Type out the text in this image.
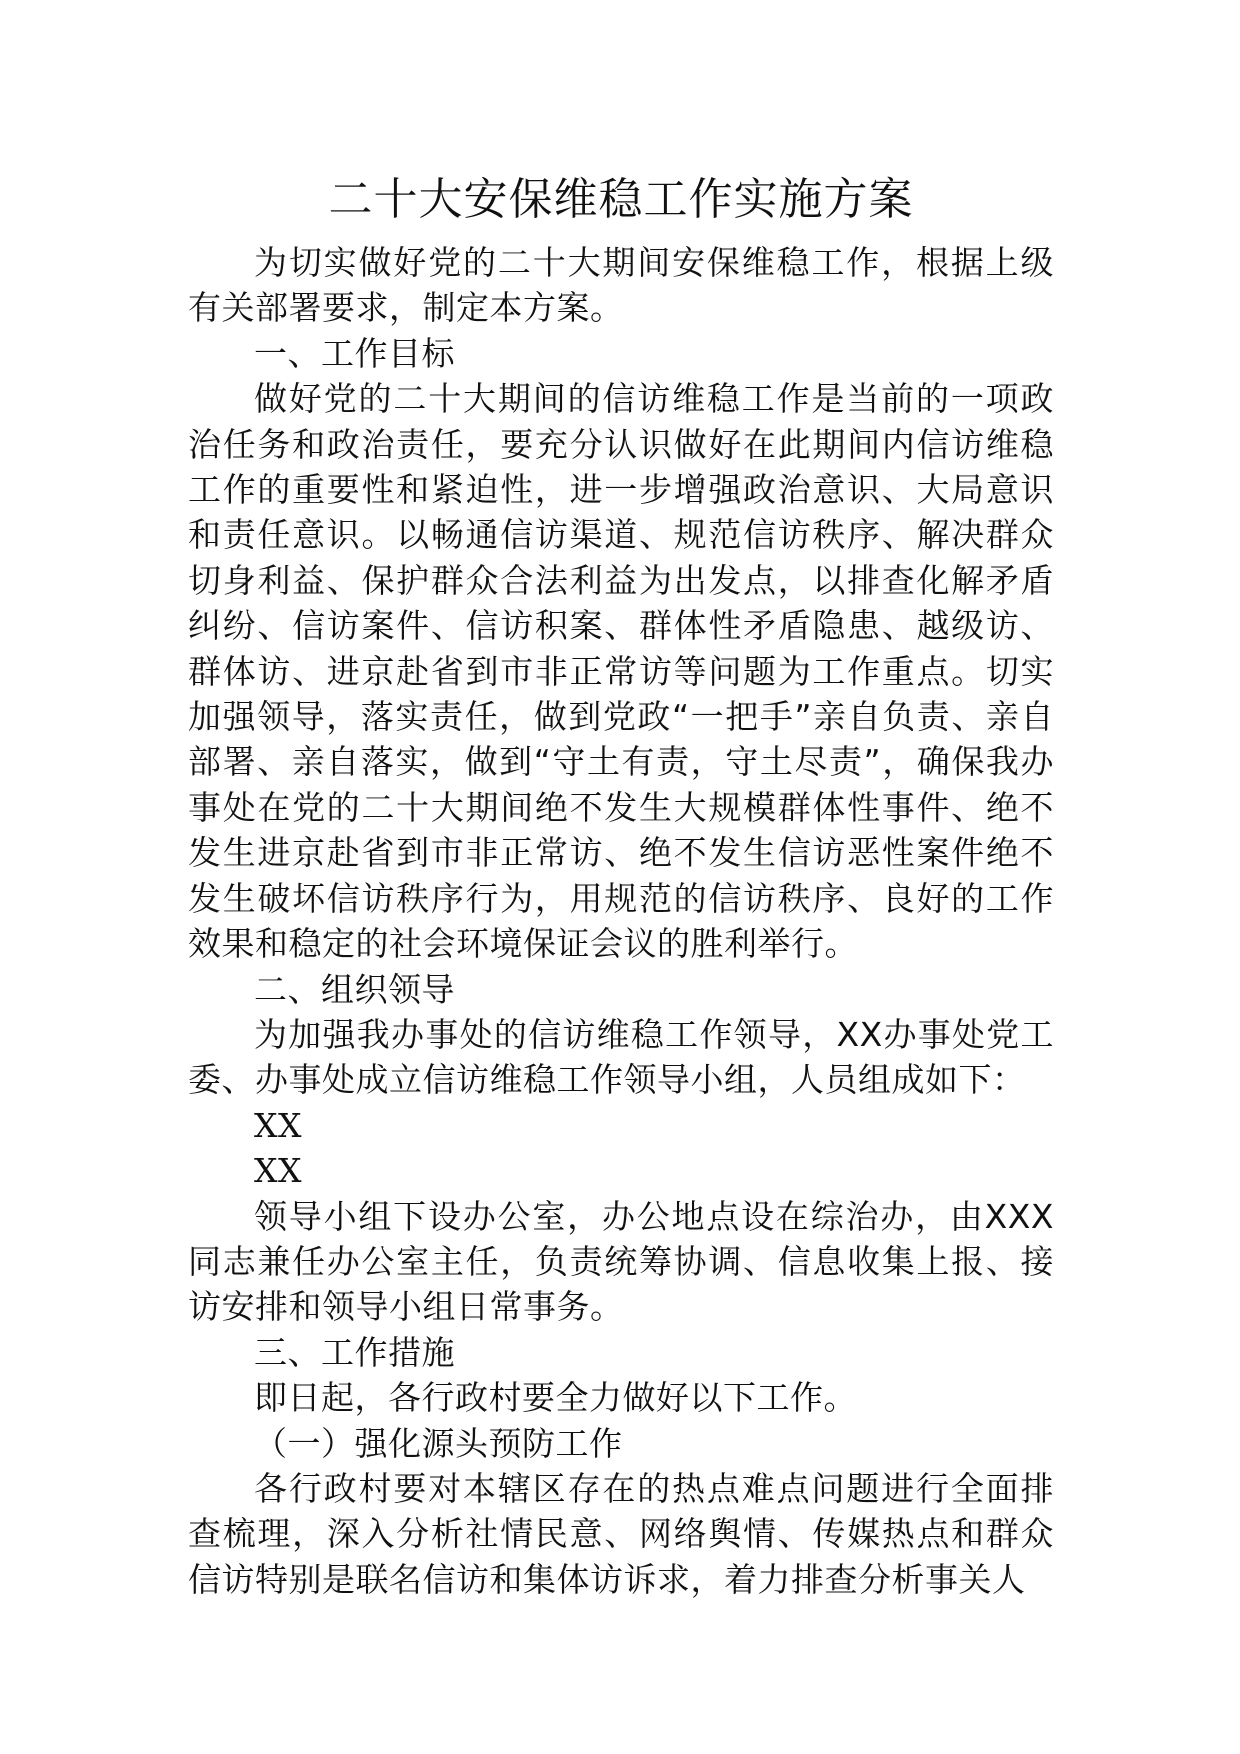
二十大安保维稳工作实施方案

为切实做好党的二十大期间安保维稳工作，根据上级有关部署要求，制定本方案。

一、工作目标

做好党的二十大期间的信访维稳工作是当前的一项政治任务和政治责任，要充分认识做好在此期间内信访维稳工作的重要性和紧迫性，进一步增强政治意识、大局意识和责任意识。以畅通信访渠道、规范信访秩序、解决群众切身利益、保护群众合法利益为出发点，以排查化解矛盾纠纷、信访案件、信访积案、群体性矛盾隐患、越级访、群体访、进京赴省到市非正常访等问题为工作重点。切实加强领导，落实责任，做到党政“一把手”亲自负责、亲自部署、亲自落实，做到“守土有责，守土尽责”，确保我办事处在党的二十大期间绝不发生大规模群体性事件、绝不发生进京赴省到市非正常访、绝不发生信访恶性案件绝不发生破坏信访秩序行为，用规范的信访秩序、良好的工作效果和稳定的社会环境保证会议的胜利举行。

二、组织领导

为加强我办事处的信访维稳工作领导，XX办事处党工委、办事处成立信访维稳工作领导小组，人员组成如下：

XX

XX

领导小组下设办公室，办公地点设在综治办，由XXX同志兼任办公室主任，负责统筹协调、信息收集上报、接访安排和领导小组日常事务。

三、工作措施

即日起，各行政村要全力做好以下工作。

（一）强化源头预防工作

各行政村要对本辖区存在的热点难点问题进行全面排查梳理，深入分析社情民意、网络舆情、传媒热点和群众信访特别是联名信访和集体访诉求，着力排查分析事关人
